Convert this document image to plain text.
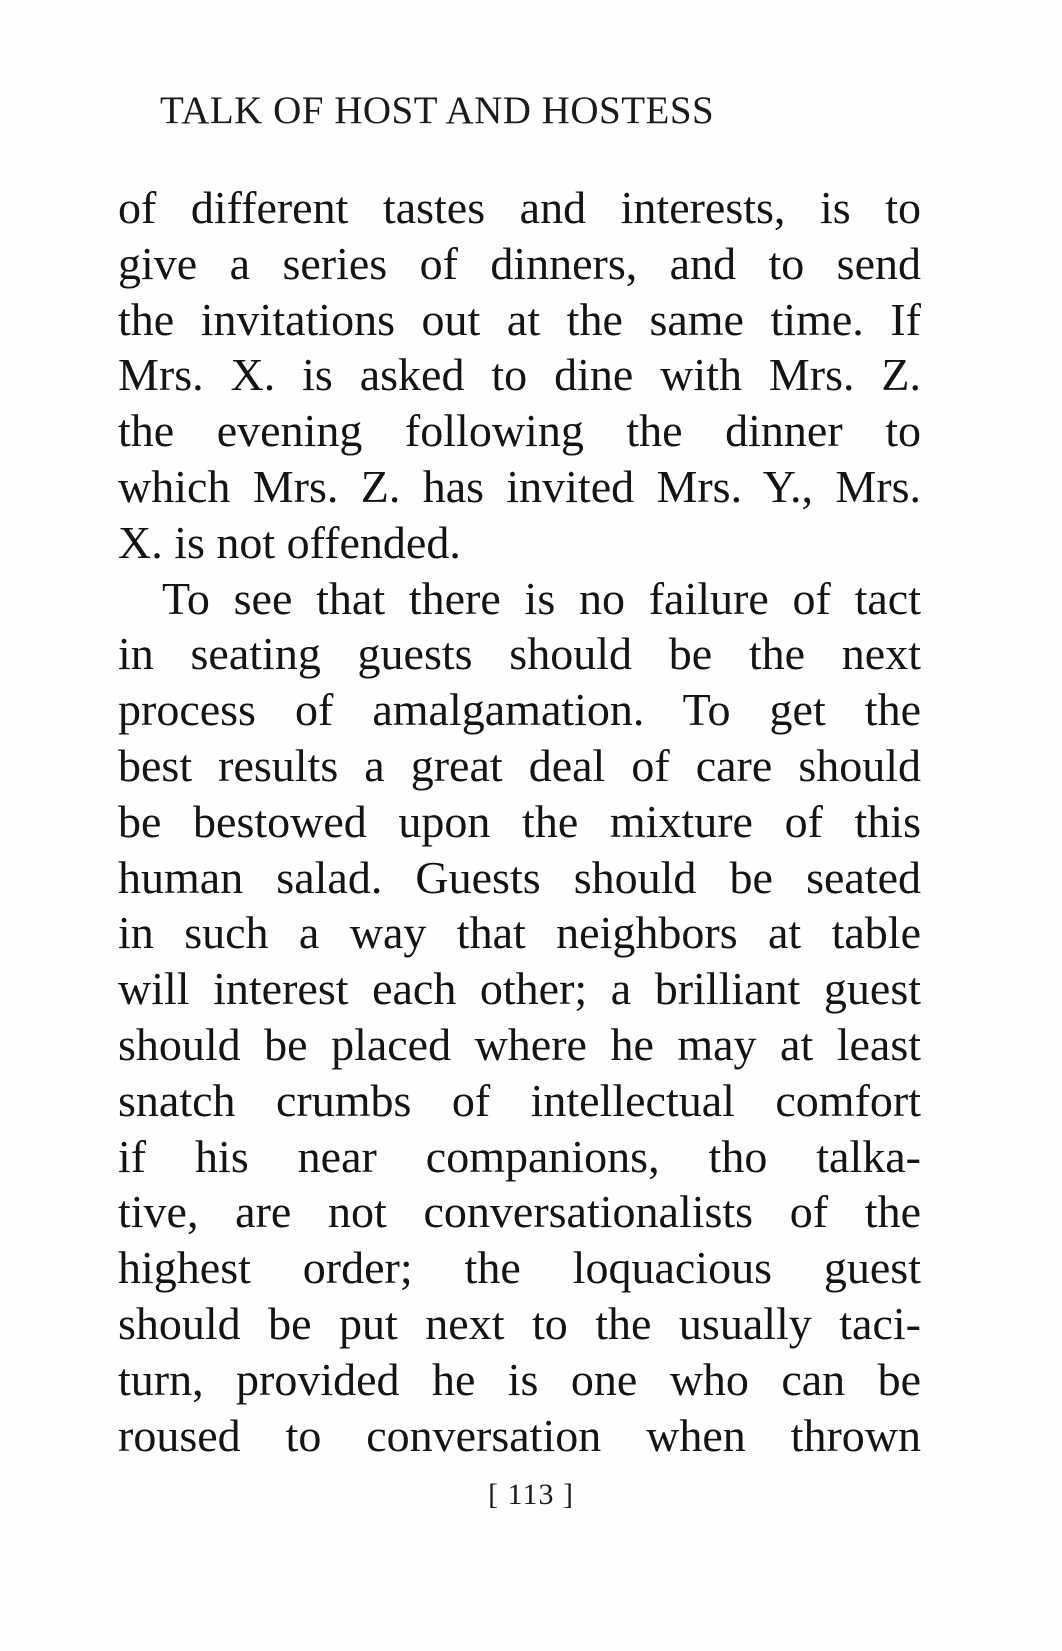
TALK OF HOST AND HOSTESS
of different tastes and interests, is to
give a series of dinners, and to send
the invitations out at the same time. If
Mrs. X. is asked to dine with Mrs. Z.
the evening following the dinner to
which Mrs. Z. has invited Mrs. Y., Mrs.
X. is not offended.
To see that there is no failure of tact
in seating guests should be the next
process of amalgamation. To get the
best results a great deal of care should
be bestowed upon the mixture of this
human salad. Guests should be seated
in such a way that neighbors at table
will interest each other; a brilliant guest
should be placed where he may at least
snatch crumbs of intellectual comfort
if his near companions, tho talka-
tive, are not conversationalists of the
highest order; the loquacious guest
should be put next to the usually taci-
turn, provided he is one who can be
roused to conversation when thrown
[ 113 ]
